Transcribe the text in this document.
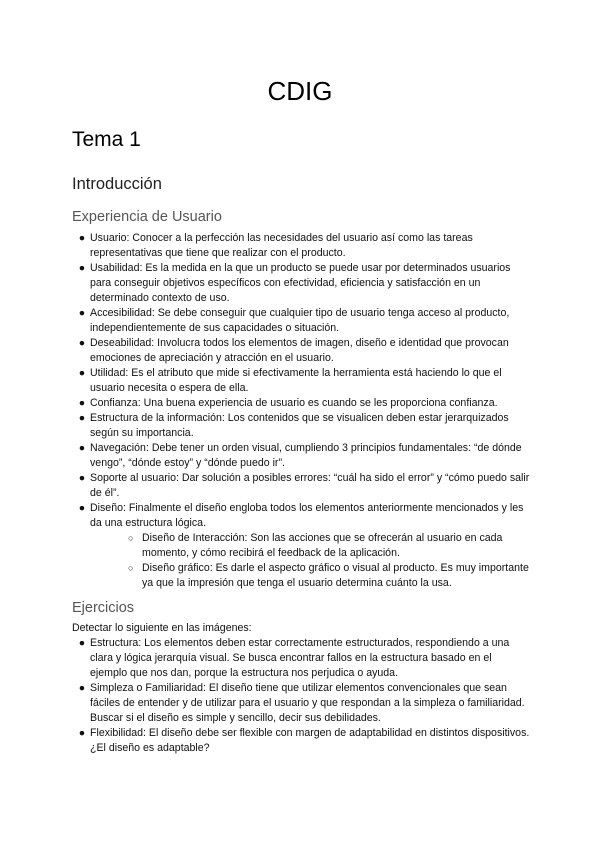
CDIG
Tema 1
Introducción
Experiencia de Usuario
● Usuario: Conocer a la perfección las necesidades del usuario así como las tareas representativas que tiene que realizar con el producto.
● Usabilidad: Es la medida en la que un producto se puede usar por determinados usuarios para conseguir objetivos específicos con efectividad, eficiencia y satisfacción en un determinado contexto de uso.
● Accesibilidad: Se debe conseguir que cualquier tipo de usuario tenga acceso al producto, independientemente de sus capacidades o situación.
● Deseabilidad: Involucra todos los elementos de imagen, diseño e identidad que provocan emociones de apreciación y atracción en el usuario.
● Utilidad: Es el atributo que mide si efectivamente la herramienta está haciendo lo que el usuario necesita o espera de ella.
● Confianza: Una buena experiencia de usuario es cuando se les proporciona confianza.
● Estructura de la información: Los contenidos que se visualicen deben estar jerarquizados según su importancia.
● Navegación: Debe tener un orden visual, cumpliendo 3 principios fundamentales: “de dónde vengo”, “dónde estoy” y “dónde puedo ir”.
● Soporte al usuario: Dar solución a posibles errores: “cuál ha sido el error” y “cómo puedo salir de él”.
● Diseño: Finalmente el diseño engloba todos los elementos anteriormente mencionados y les da una estructura lógica.
○ Diseño de Interacción: Son las acciones que se ofrecerán al usuario en cada momento, y cómo recibirá el feedback de la aplicación.
○ Diseño gráfico: Es darle el aspecto gráfico o visual al producto. Es muy importante ya que la impresión que tenga el usuario determina cuánto la usa.
Ejercicios

Detectar lo siguiente en las imágenes:

● Estructura: Los elementos deben estar correctamente estructurados, respondiendo a una clara y lógica jerarquía visual. Se busca encontrar fallos en la estructura basado en el ejemplo que nos dan, porque la estructura nos perjudica o ayuda.
● Simpleza o Familiaridad: El diseño tiene que utilizar elementos convencionales que sean fáciles de entender y de utilizar para el usuario y que respondan a la simpleza o familiaridad. Buscar si el diseño es simple y sencillo, decir sus debilidades.
● Flexibilidad: El diseño debe ser flexible con margen de adaptabilidad en distintos dispositivos. ¿El diseño es adaptable?
